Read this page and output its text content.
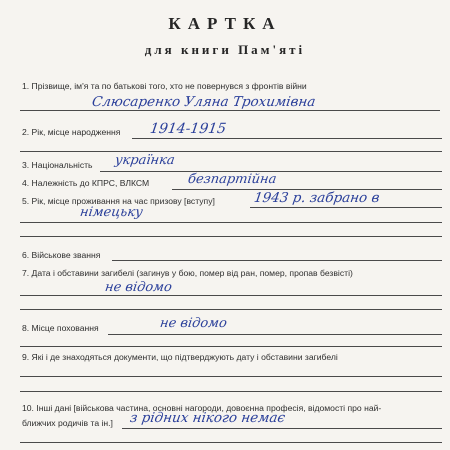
КАРТКА
для книги Пам'яті
1. Прізвище, ім'я та по батькові того, хто не повернувся з фронтів війни
Слюсаренко Уляна Трохимівна
2. Рік, місце народження 1914-1915
3. Національність українка
4. Належність до КПРС, ВЛКСМ	безпартійна
5. Рік, місце проживання на час призову [вступу]	1943 р. забрано в
німецьку
6. Військове звання
7. Дата і обставини загибелі (загинув у бою, помер від ран, помер, пропав безвісті)
не відомо
8. Місце поховання	не відомо
9. Які і де знаходяться документи, що підтверджують дату і обставини загибелі
10. Інші дані [військова частина, основні нагороди, довоєнна професія, відомості про най-
ближчих родичів та ін.] з рідних нікого немає
